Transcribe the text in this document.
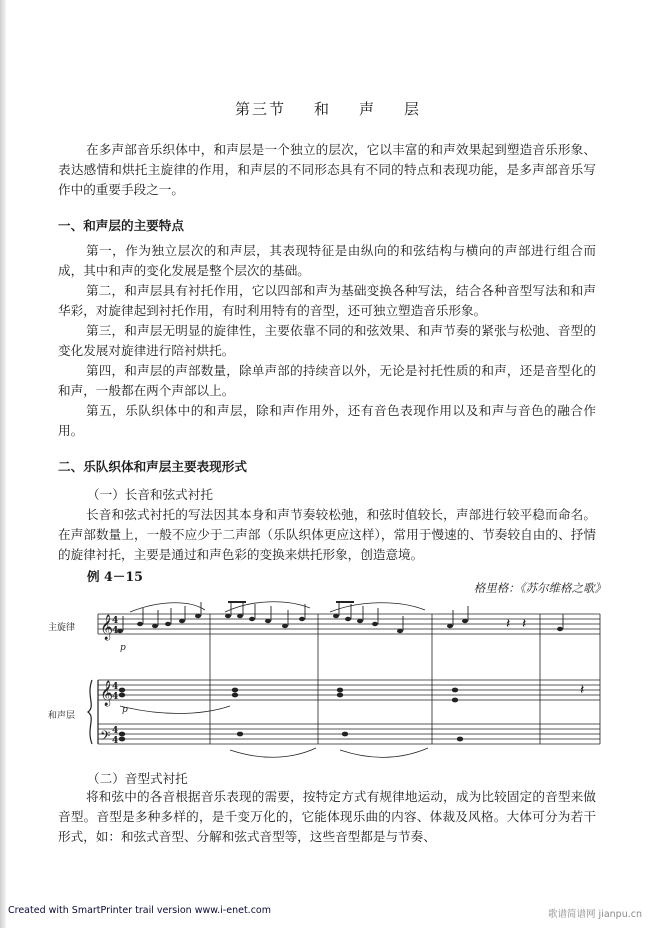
第三节 和 声 层
在多声部音乐织体中，和声层是一个独立的层次，它以丰富的和声效果起到塑造音乐形象、表达感情和烘托主旋律的作用，和声层的不同形态具有不同的特点和表现功能，是多声部音乐写作中的重要手段之一。
一、和声层的主要特点
第一，作为独立层次的和声层，其表现特征是由纵向的和弦结构与横向的声部进行组合而成，其中和声的变化发展是整个层次的基础。
第二，和声层具有衬托作用，它以四部和声为基础变换各种写法，结合各种音型写法和和声华彩，对旋律起到衬托作用，有时利用特有的音型，还可独立塑造音乐形象。
第三，和声层无明显的旋律性，主要依靠不同的和弦效果、和声节奏的紧张与松弛、音型的变化发展对旋律进行陪衬烘托。
第四，和声层的声部数量，除单声部的持续音以外，无论是衬托性质的和声，还是音型化的和声，一般都在两个声部以上。
第五，乐队织体中的和声层，除和声作用外，还有音色表现作用以及和声与音色的融合作用。
二、乐队织体和声层主要表现形式
（一）长音和弦式衬托
长音和弦式衬托的写法因其本身和声节奏较松弛，和弦时值较长，声部进行较平稳而命名。在声部数量上，一般不应少于二声部（乐队织体更应这样），常用于慢速的、节奏较自由的、抒情的旋律衬托，主要是通过和声色彩的变换来烘托形象，创造意境。
例 4－15
格里格：《苏尔维格之歌》
主旋律
和声层
𝄞
𝄞
𝄢
4
4
4
4
4
4
𝄽 𝄽
𝄽
p
p
（二）音型式衬托
将和弦中的各音根据音乐表现的需要，按特定方式有规律地运动，成为比较固定的音型来做音型。音型是多种多样的，是千变万化的，它能体现乐曲的内容、体裁及风格。大体可分为若干形式，如：和弦式音型、分解和弦式音型等，这些音型都是与节奏、
Created with SmartPrinter trail version www.i-enet.com	歌谱简谱网 jianpu.cn
